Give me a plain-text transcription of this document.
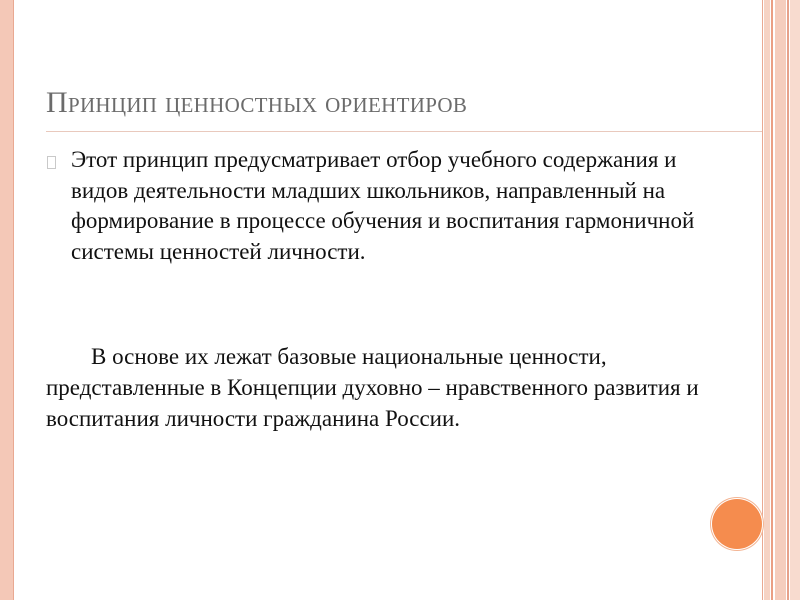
Принцип ценностных ориентиров
Этот принцип предусматривает отбор учебного содержания и видов деятельности младших школьников, направленный на формирование в процессе обучения и воспитания гармоничной системы ценностей личности.
В основе их лежат базовые национальные ценности, представленные в Концепции духовно – нравственного развития и воспитания личности гражданина России.
